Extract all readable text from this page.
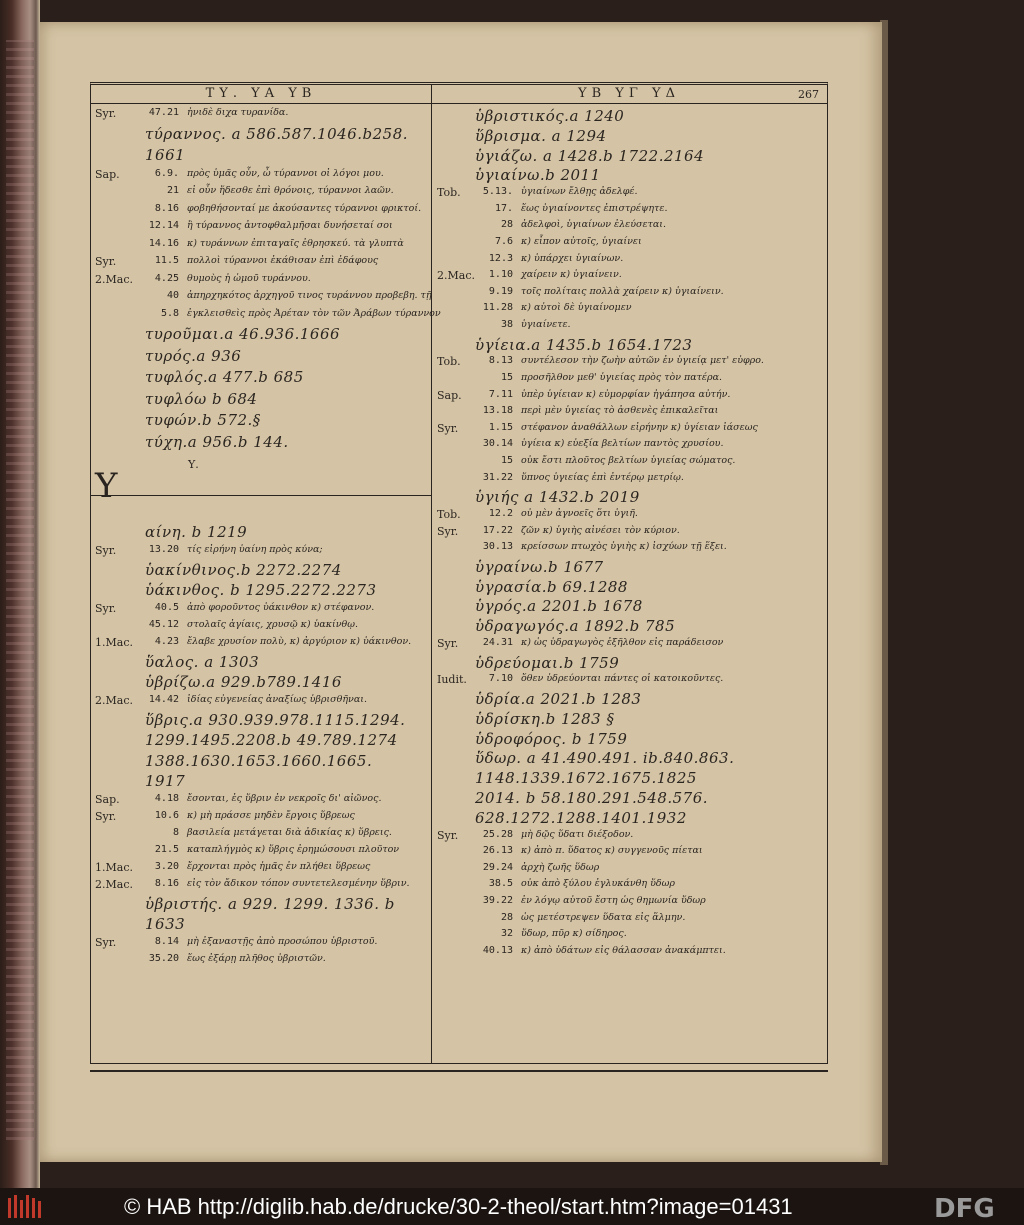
ΤΥ. ΥΑ ΥΒ	ΥΒ ΥΓ ΥΔ	267
Syr.	47.21 ἠνιδὲ διχα τυρανίδα.
τύραννος. a 586.587.1046.b258.
1661
Sap.	6.9. πρὸς ὑμᾶς οὖν, ὦ τύραννοι οἱ λόγοι μου.
21 εἰ οὖν ἥδεσθε ἐπὶ θρόνοις, τύραννοι λαῶν.
8.16 φοβηθήσονταί με ἀκούσαντες τύραννοι φρικτοί.
12.14 ἢ τύραννος ἀντοφθαλμῆσαι δυνήσεταί σοι
14.16 κ) τυράννων ἐπιταγαῖς ἐθρησκεύ. τὰ γλυπτὰ
Syr.	11.5 πολλοὶ τύραννοι ἐκάθισαν ἐπὶ ἐδάφους
2.Mac.	4.25 θυμοὺς ἠ ὠμοῦ τυράννου.
40 ἀπηρχηκότος ἀρχηγοῦ τινος τυράννου προβεβη. τῇ
5.8 ἐγκλεισθεὶς πρὸς Ἀρέταν τὸν τῶν Ἀράβων τύραννον
τυροῦμαι.a 46.936.1666
τυρός.a 936
τυφλός.a 477.b 685
τυφλόω b 684
τυφών.b 572.§
τύχη.a 956.b 144.
αίνη. b 1219
Syr.	13.20 τίς εἰρήνη ὑαίνη πρὸς κύνα;
ὑακίνθινος.b 2272.2274
ὑάκινθος. b 1295.2272.2273
Syr.	40.5 ἀπὸ φοροῦντος ὑάκινθον κ) στέφανον.
45.12 στολαῖς ἁγίαις, χρυσῷ κ) ὑακίνθῳ.
1.Mac.	4.23 ἔλαβε χρυσίον πολὺ, κ) ἀργύριον κ) ὑάκινθον.
ὕαλος. a 1303
ὑβρίζω.a 929.b789.1416
2.Mac.	14.42 ἰδίας εὐγενείας ἀναξίως ὑβρισθῆναι.
ὕβρις.a 930.939.978.1115.1294.
1299.1495.2208.b 49.789.1274
1388.1630.1653.1660.1665.
1917
Sap.	4.18 ἔσονται, ἐς ὕβριν ἐν νεκροῖς δι' αἰῶνος.
Syr.	10.6 κ) μὴ πράσσε μηδὲν ἔργοις ὕβρεως
8 βασιλεία μετάγεται διὰ ἀδικίας κ) ὕβρεις.
21.5 καταπλήγμὸς κ) ὕβρις ἐρημώσουσι πλοῦτον
1.Mac.	3.20 ἔρχονται πρὸς ἡμᾶς ἐν πλήθει ὕβρεως
2.Mac.	8.16 εἰς τὸν ἄδικον τόπον συντετελεσμένην ὕβριν.
ὑβριστής. a 929. 1299. 1336. b
1633
Syr.	8.14 μὴ ἐξαναστῇς ἀπὸ προσώπου ὑβριστοῦ.
35.20 ἕως ἐξάρῃ πλῆθος ὑβριστῶν.
ὑβριστικός.a 1240
ὕβρισμα. a 1294
ὑγιάζω. a 1428.b 1722.2164
ὑγιαίνω.b 2011
Tob.	5.13. ὑγιαίνων ἔλθῃς ἀδελφέ.
17. ἕως ὑγιαίνοντες ἐπιστρέψητε.
28 ἀδελφοὶ, ὑγιαίνων ἐλεύσεται.
7.6 κ) εἶπον αὐτοῖς, ὑγιαίνει
12.3 κ) ὑπάρχει ὑγιαίνων.
2.Mac.	1.10 χαίρειν κ) ὑγιαίνειν.
9.19 τοῖς πολίταις πολλὰ χαίρειν κ) ὑγιαίνειν.
11.28 κ) αὐτοὶ δὲ ὑγιαίνομεν
38 ὑγιαίνετε.
ὑγίεια.a 1435.b 1654.1723
Tob.	8.13 συντέλεσον τὴν ζωὴν αὐτῶν ἐν ὑγιείᾳ μετ' εὐφρο.
15 προσῆλθον μεθ' ὑγιείας πρὸς τὸν πατέρα.
Sap.	7.11 ὑπὲρ ὑγίειαν κ) εὐμορφίαν ἠγάπησα αὐτήν.
13.18 περὶ μὲν ὑγιείας τὸ ἀσθενὲς ἐπικαλεῖται
Syr.	1.15 στέφανον ἀναθάλλων εἰρήνην κ) ὑγίειαν ἰάσεως
30.14 ὑγίεια κ) εὐεξία βελτίων παντὸς χρυσίου.
15 οὐκ ἔστι πλοῦτος βελτίων ὑγιείας σώματος.
31.22 ὕπνος ὑγιείας ἐπὶ ἐντέρῳ μετρίῳ.
ὑγιής a 1432.b 2019
Tob.	12.2 οὐ μὲν ἀγνοεῖς ὅτι ὑγιῆ.
Syr.	17.22 ζῶν κ) ὑγιὴς αἰνέσει τὸν κύριον.
30.13 κρείσσων πτωχὸς ὑγιὴς κ) ἰσχύων τῇ ἕξει.
ὑγραίνω.b 1677
ὑγρασία.b 69.1288
ὑγρός.a 2201.b 1678
ὑδραγωγός.a 1892.b 785
Syr.	24.31 κ) ὡς ὑδραγωγὸς ἐξῆλθον εἰς παράδεισον
ὑδρεύομαι.b 1759
Iudit.	7.10 ὅθεν ὑδρεύονται πάντες οἱ κατοικοῦντες.
ὑδρία.a 2021.b 1283
ὑδρίσκη.b 1283 §
ὑδροφόρος. b 1759
ὕδωρ. a 41.490.491. ib.840.863.
1148.1339.1672.1675.1825
2014. b 58.180.291.548.576.
628.1272.1288.1401.1932
Syr.	25.28 μὴ δῷς ὕδατι διέξοδον.
26.13 κ) ἀπὸ π. ὕδατος κ) συγγενοῦς πίεται
29.24 ἀρχὴ ζωῆς ὕδωρ
38.5 οὐκ ἀπὸ ξύλου ἐγλυκάνθη ὕδωρ
39.22 ἐν λόγῳ αὐτοῦ ἔστη ὡς θημωνία ὕδωρ
28 ὡς μετέστρεψεν ὕδατα εἰς ἅλμην.
32 ὕδωρ, πῦρ κ) σίδηρος.
40.13 κ) ἀπὸ ὑδάτων εἰς θάλασσαν ἀνακάμπτει.
Υ.
Υ
© HAB http://diglib.hab.de/drucke/30-2-theol/start.htm?image=01431	DFG
